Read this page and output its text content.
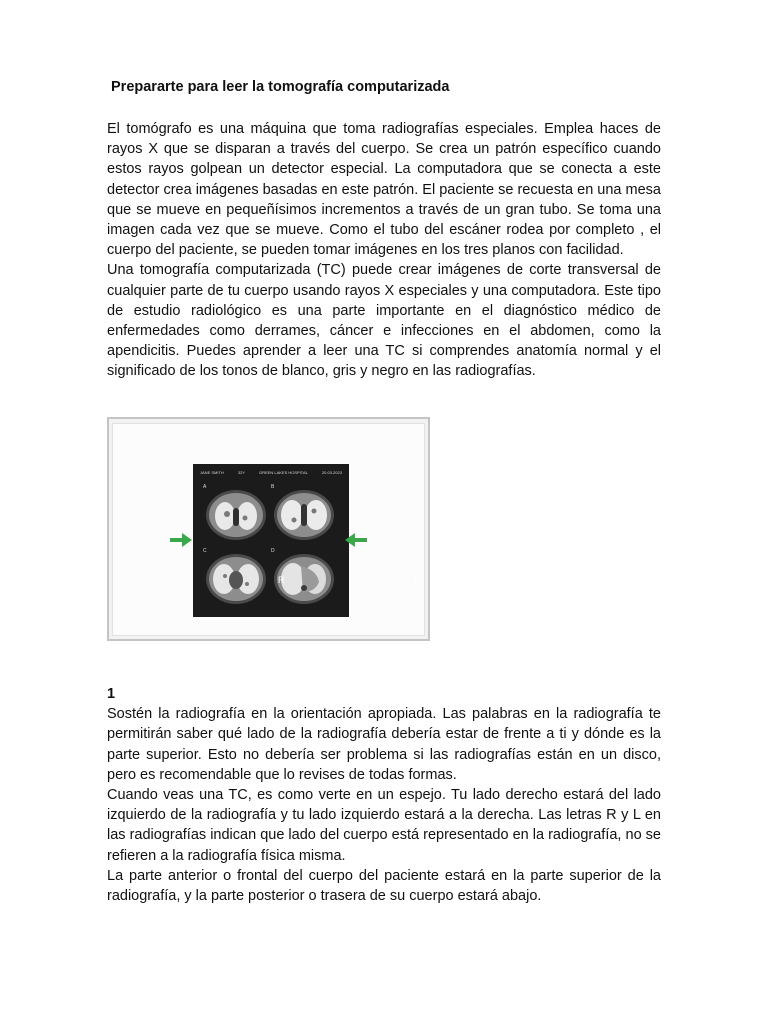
Prepararte para leer la tomografía computarizada

El tomógrafo es una máquina que toma radiografías especiales. Emplea haces de rayos X que se disparan a través del cuerpo. Se crea un patrón específico cuando estos rayos golpean un detector especial. La computadora que se conecta a este detector crea imágenes basadas en este patrón. El paciente se recuesta en una mesa que se mueve en pequeñísimos incrementos a través de un gran tubo. Se toma una imagen cada vez que se mueve. Como el tubo del escáner rodea por completo , el cuerpo del paciente, se pueden tomar imágenes en los tres planos con facilidad.

Una tomografía computarizada (TC) puede crear imágenes de corte transversal de cualquier parte de tu cuerpo usando rayos X especiales y una computadora. Este tipo de estudio radiológico es una parte importante en el diagnóstico médico de enfermedades como derrames, cáncer e infecciones en el abdomen, como la apendicitis. Puedes aprender a leer una TC si comprendes anatomía normal y el significado de los tonos de blanco, gris y negro en las radiografías.

JANE SMITH	32Y	GREEN LAKES HOSPITAL	20.03.2023
A	B
C	D
R	L

1

Sostén la radiografía en la orientación apropiada. Las palabras en la radiografía te permitirán saber qué lado de la radiografía debería estar de frente a ti y dónde es la parte superior. Esto no debería ser problema si las radiografías están en un disco, pero es recomendable que lo revises de todas formas.

Cuando veas una TC, es como verte en un espejo. Tu lado derecho estará del lado izquierdo de la radiografía y tu lado izquierdo estará a la derecha. Las letras R y L en las radiografías indican que lado del cuerpo está representado en la radiografía, no se refieren a la radiografía física misma.

La parte anterior o frontal del cuerpo del paciente estará en la parte superior de la radiografía, y la parte posterior o trasera de su cuerpo estará abajo.
